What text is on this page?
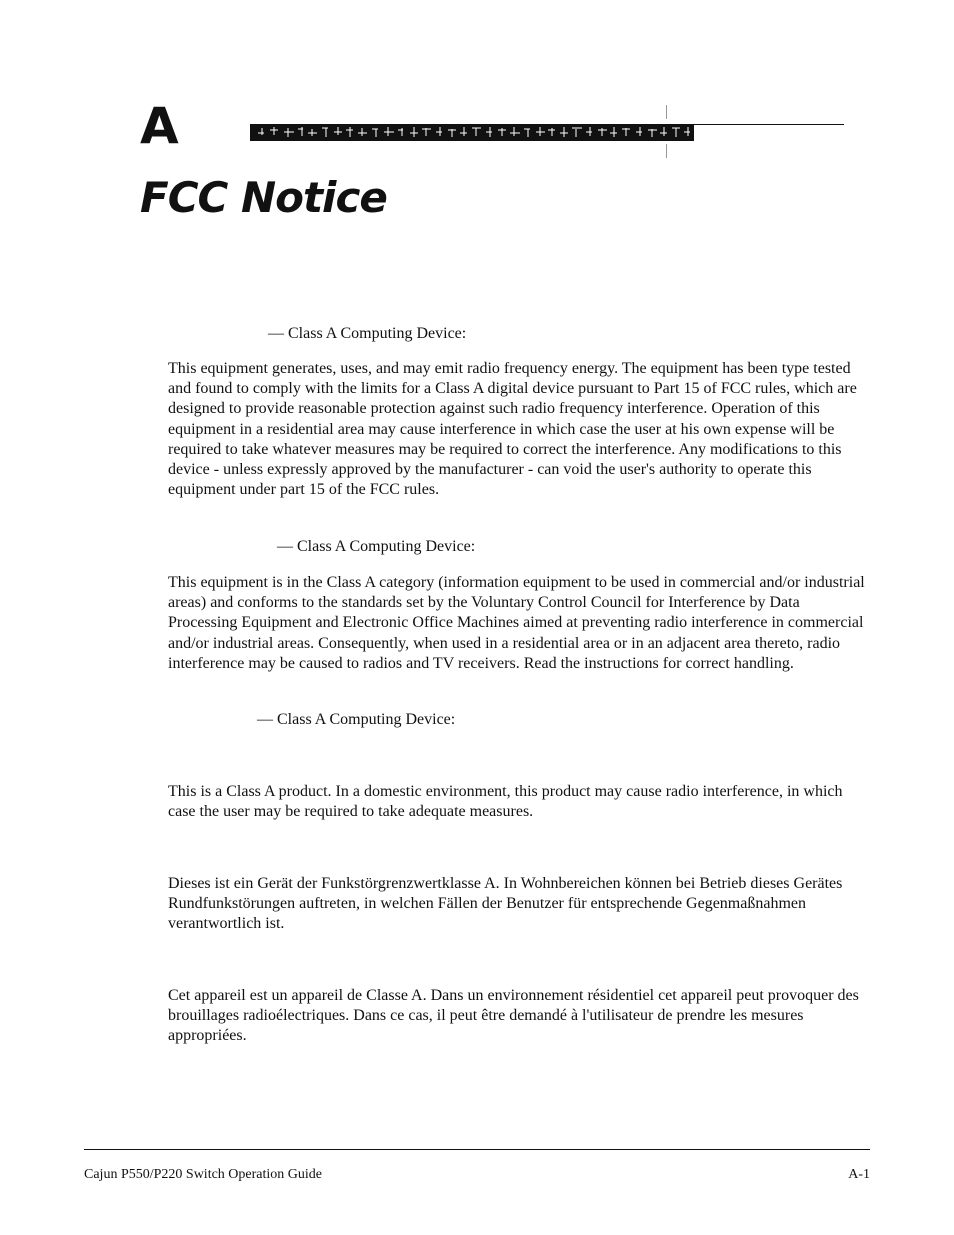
A
FCC Notice

— Class A Computing Device:

This equipment generates, uses, and may emit radio frequency energy. The equipment has been type tested and found to comply with the limits for a Class A digital device pursuant to Part 15 of FCC rules, which are designed to provide reasonable protection against such radio frequency interference. Operation of this equipment in a residential area may cause interference in which case the user at his own expense will be required to take whatever measures may be required to correct the interference. Any modifications to this device - unless expressly approved by the manufacturer - can void the user's authority to operate this equipment under part 15 of the FCC rules.

— Class A Computing Device:

This equipment is in the Class A category (information equipment to be used in commercial and/or industrial areas) and conforms to the standards set by the Voluntary Control Council for Interference by Data Processing Equipment and Electronic Office Machines aimed at preventing radio interference in commercial and/or industrial areas. Consequently, when used in a residential area or in an adjacent area thereto, radio interference may be caused to radios and TV receivers. Read the instructions for correct handling.

— Class A Computing Device:

This is a Class A product. In a domestic environment, this product may cause radio interference, in which case the user may be required to take adequate measures.

Dieses ist ein Gerät der Funkstörgrenzwertklasse A. In Wohnbereichen können bei Betrieb dieses Gerätes Rundfunkstörungen auftreten, in welchen Fällen der Benutzer für entsprechende Gegenmaßnahmen verantwortlich ist.

Cet appareil est un appareil de Classe A. Dans un environnement résidentiel cet appareil peut provoquer des brouillages radioélectriques. Dans ce cas, il peut être demandé à l'utilisateur de prendre les mesures appropriées.

Cajun P550/P220 Switch Operation Guide	A-1
